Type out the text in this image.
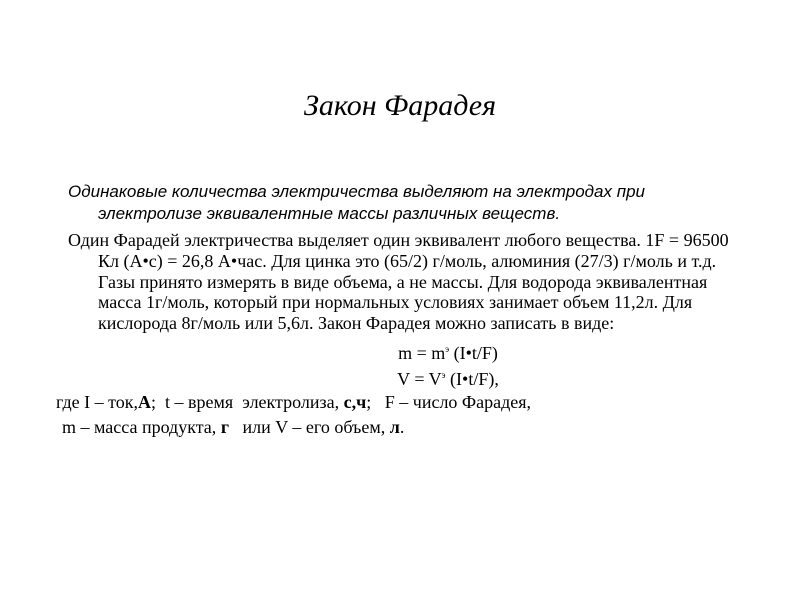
Закон Фарадея

Одинаковые количества электричества выделяют на электродах при электролизе эквивалентные массы различных веществ.

Один Фарадей электричества выделяет один эквивалент любого вещества. 1F = 96500 Кл (А•с) = 26,8 А•час. Для цинка это (65/2) г/моль, алюминия (27/3) г/моль и т.д. Газы принято измерять в виде объема, а не массы. Для водорода эквивалентная масса 1г/моль, который при нормальных условиях занимает объем 11,2л. Для кислорода 8г/моль или 5,6л. Закон Фарадея можно записать в виде:

$m = m^э$ (I•t/F)
$V = V^э$ (I•t/F),
где I – ток,А;  t – время  электролиза, с,ч;   F – число Фарадея,
m – масса продукта, г   или V – его объем, л.
